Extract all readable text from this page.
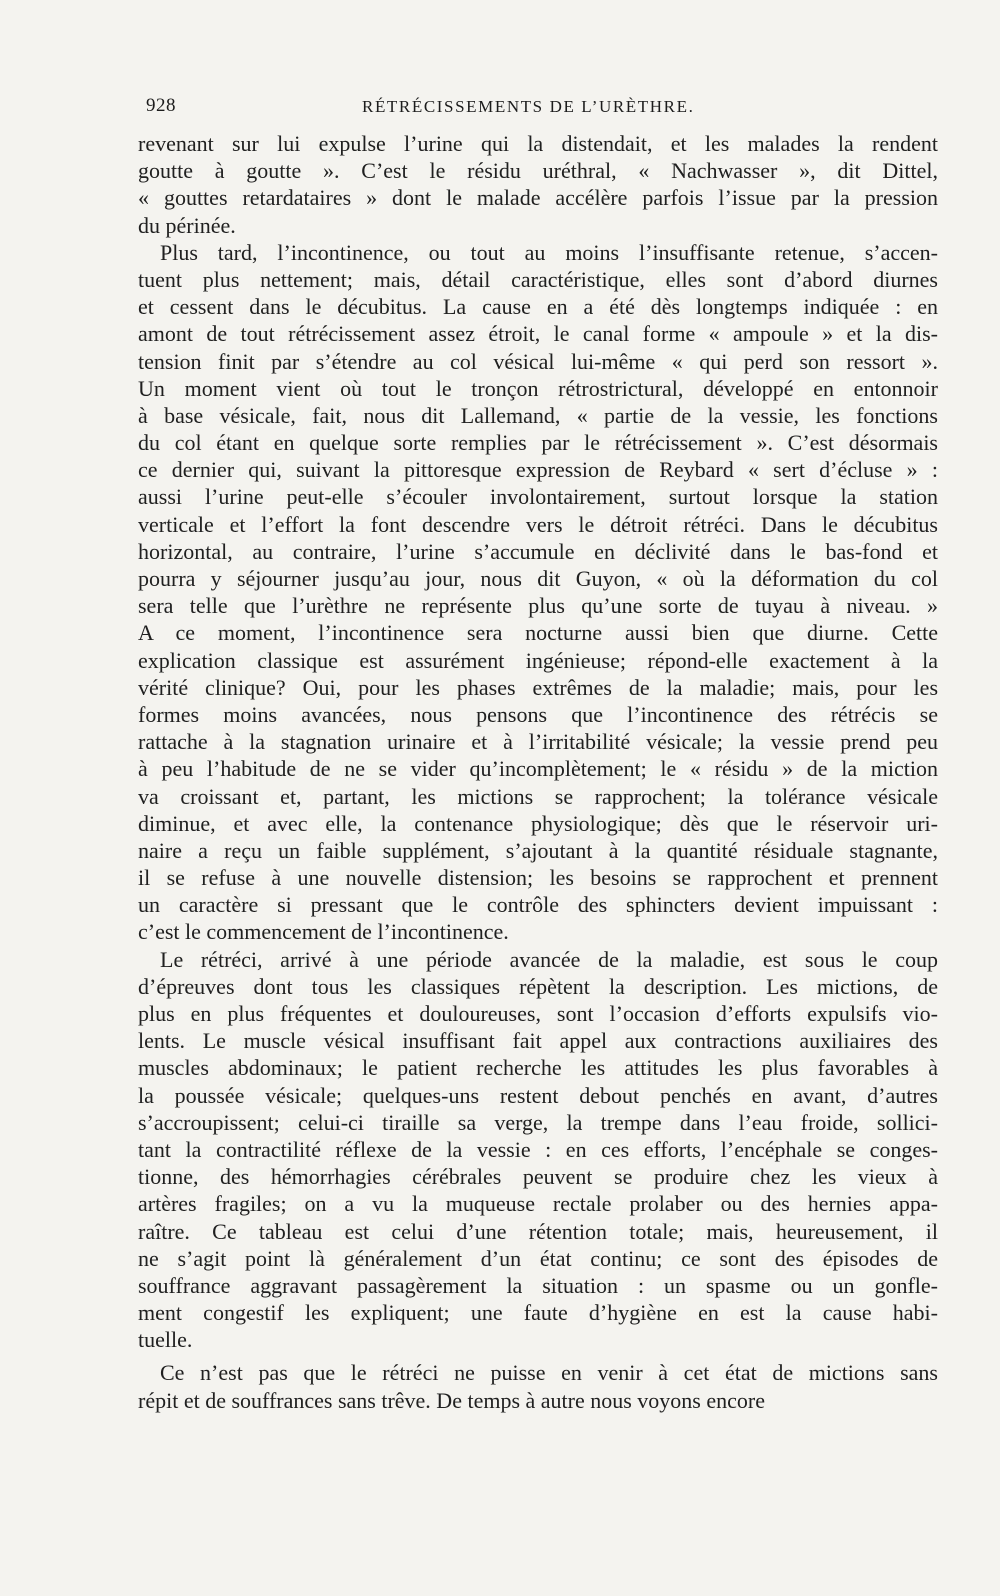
928	RÉTRÉCISSEMENTS DE L’URÈTHRE.
revenant sur lui expulse l’urine qui la distendait, et les malades la rendent
goutte à goutte ». C’est le résidu uréthral, « Nachwasser », dit Dittel,
« gouttes retardataires » dont le malade accélère parfois l’issue par la pression
du périnée.
Plus tard, l’incontinence, ou tout au moins l’insuffisante retenue, s’accen-
tuent plus nettement; mais, détail caractéristique, elles sont d’abord diurnes
et cessent dans le décubitus. La cause en a été dès longtemps indiquée : en
amont de tout rétrécissement assez étroit, le canal forme « ampoule » et la dis-
tension finit par s’étendre au col vésical lui-même « qui perd son ressort ».
Un moment vient où tout le tronçon rétrostrictural, développé en entonnoir
à base vésicale, fait, nous dit Lallemand, « partie de la vessie, les fonctions
du col étant en quelque sorte remplies par le rétrécissement ». C’est désormais
ce dernier qui, suivant la pittoresque expression de Reybard « sert d’écluse » :
aussi l’urine peut-elle s’écouler involontairement, surtout lorsque la station
verticale et l’effort la font descendre vers le détroit rétréci. Dans le décubitus
horizontal, au contraire, l’urine s’accumule en déclivité dans le bas-fond et
pourra y séjourner jusqu’au jour, nous dit Guyon, « où la déformation du col
sera telle que l’urèthre ne représente plus qu’une sorte de tuyau à niveau. »
A ce moment, l’incontinence sera nocturne aussi bien que diurne. Cette
explication classique est assurément ingénieuse; répond-elle exactement à la
vérité clinique? Oui, pour les phases extrêmes de la maladie; mais, pour les
formes moins avancées, nous pensons que l’incontinence des rétrécis se
rattache à la stagnation urinaire et à l’irritabilité vésicale; la vessie prend peu
à peu l’habitude de ne se vider qu’incomplètement; le « résidu » de la miction
va croissant et, partant, les mictions se rapprochent; la tolérance vésicale
diminue, et avec elle, la contenance physiologique; dès que le réservoir uri-
naire a reçu un faible supplément, s’ajoutant à la quantité résiduale stagnante,
il se refuse à une nouvelle distension; les besoins se rapprochent et prennent
un caractère si pressant que le contrôle des sphincters devient impuissant :
c’est le commencement de l’incontinence.
Le rétréci, arrivé à une période avancée de la maladie, est sous le coup
d’épreuves dont tous les classiques répètent la description. Les mictions, de
plus en plus fréquentes et douloureuses, sont l’occasion d’efforts expulsifs vio-
lents. Le muscle vésical insuffisant fait appel aux contractions auxiliaires des
muscles abdominaux; le patient recherche les attitudes les plus favorables à
la poussée vésicale; quelques-uns restent debout penchés en avant, d’autres
s’accroupissent; celui-ci tiraille sa verge, la trempe dans l’eau froide, sollici-
tant la contractilité réflexe de la vessie : en ces efforts, l’encéphale se conges-
tionne, des hémorrhagies cérébrales peuvent se produire chez les vieux à
artères fragiles; on a vu la muqueuse rectale prolaber ou des hernies appa-
raître. Ce tableau est celui d’une rétention totale; mais, heureusement, il
ne s’agit point là généralement d’un état continu; ce sont des épisodes de
souffrance aggravant passagèrement la situation : un spasme ou un gonfle-
ment congestif les expliquent; une faute d’hygiène en est la cause habi-
tuelle.
Ce n’est pas que le rétréci ne puisse en venir à cet état de mictions sans
répit et de souffrances sans trêve. De temps à autre nous voyons encore
